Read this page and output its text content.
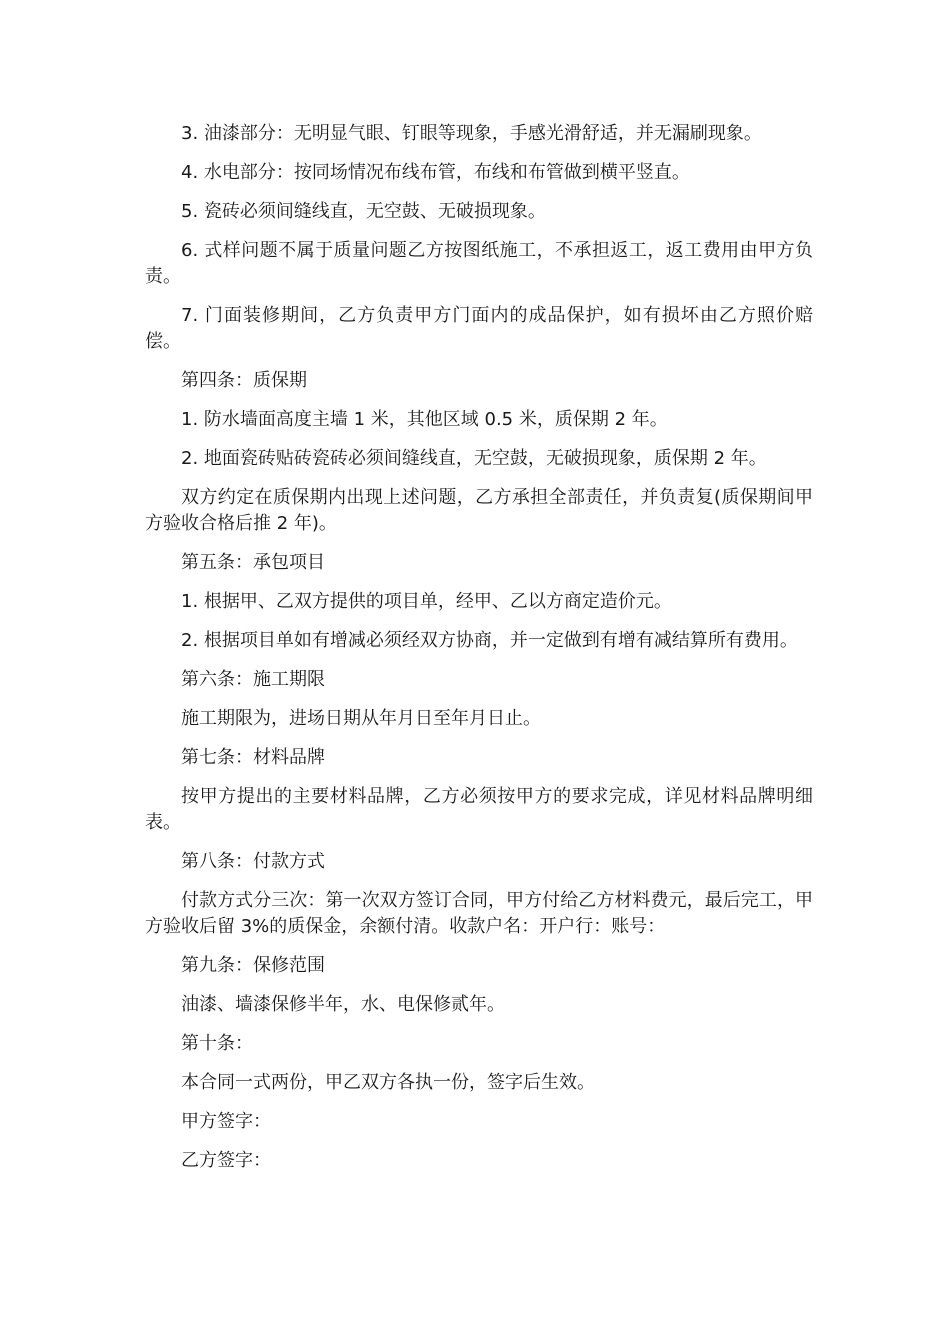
3. 油漆部分：无明显气眼、钉眼等现象，手感光滑舒适，并无漏刷现象。

4. 水电部分：按同场情况布线布管，布线和布管做到横平竖直。

5. 瓷砖必须间缝线直，无空鼓、无破损现象。

6. 式样问题不属于质量问题乙方按图纸施工，不承担返工，返工费用由甲方负责。

7. 门面装修期间，乙方负责甲方门面内的成品保护，如有损坏由乙方照价赔偿。

第四条：质保期

1. 防水墙面高度主墙 1 米，其他区域 0.5 米，质保期 2 年。

2. 地面瓷砖贴砖瓷砖必须间缝线直，无空鼓，无破损现象，质保期 2 年。

双方约定在质保期内出现上述问题，乙方承担全部责任，并负责复(质保期间甲方验收合格后推 2 年)。

第五条：承包项目

1. 根据甲、乙双方提供的项目单，经甲、乙以方商定造价元。

2. 根据项目单如有增减必须经双方协商，并一定做到有增有减结算所有费用。

第六条：施工期限

施工期限为，进场日期从年月日至年月日止。

第七条：材料品牌

按甲方提出的主要材料品牌，乙方必须按甲方的要求完成，详见材料品牌明细表。

第八条：付款方式

付款方式分三次：第一次双方签订合同，甲方付给乙方材料费元，最后完工，甲方验收后留 3%的质保金，余额付清。收款户名：开户行：账号：

第九条：保修范围

油漆、墙漆保修半年，水、电保修贰年。

第十条：

本合同一式两份，甲乙双方各执一份，签字后生效。

甲方签字：

乙方签字：
